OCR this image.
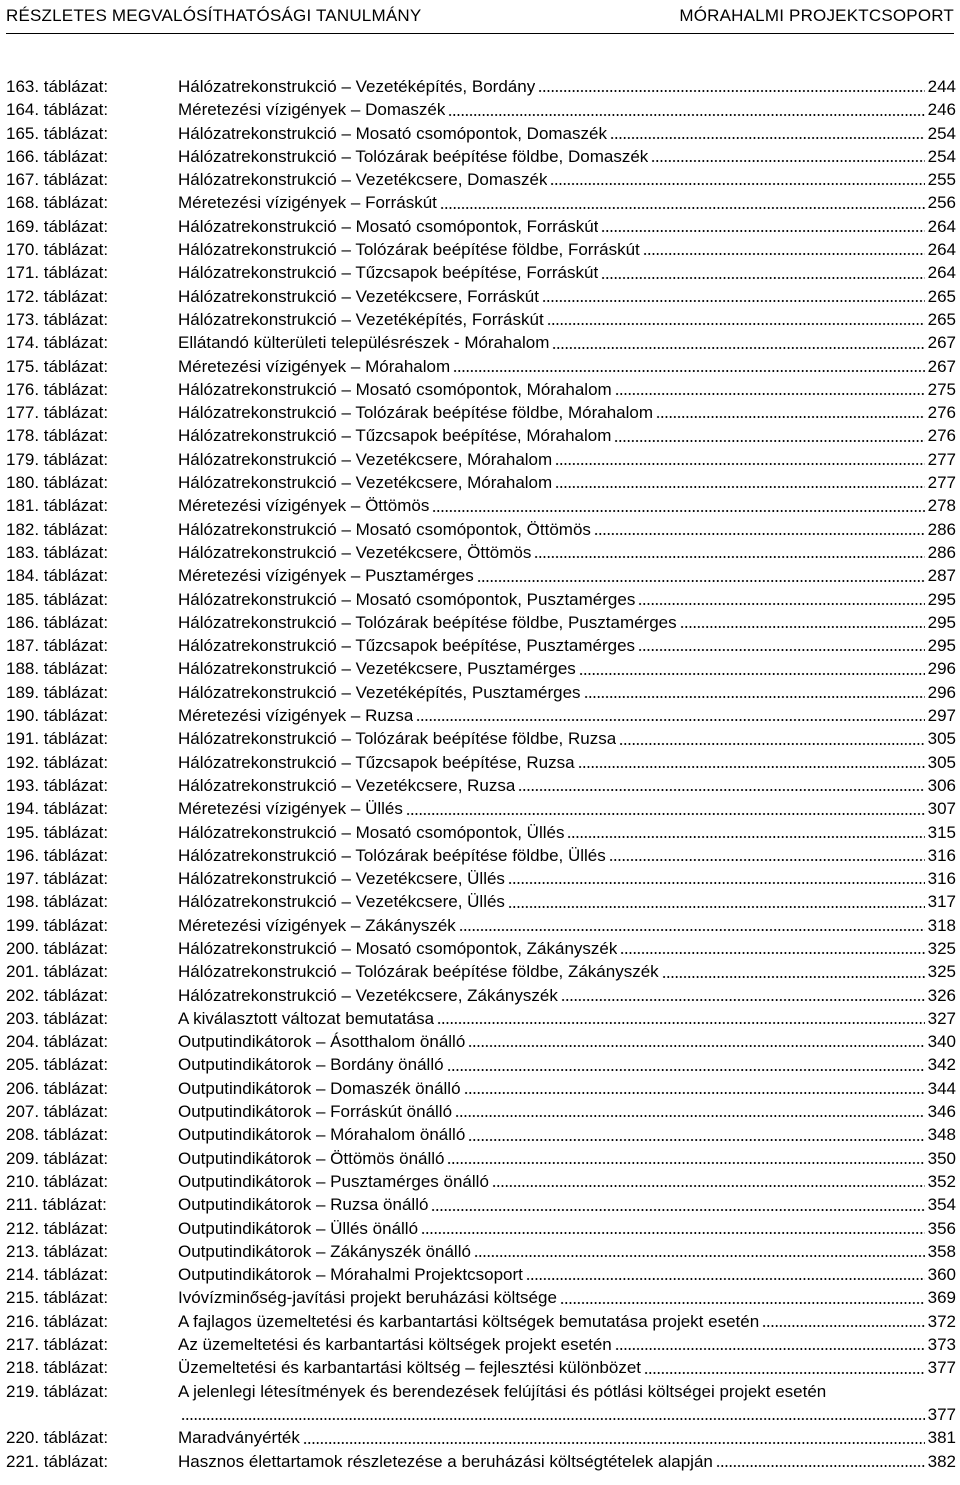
RÉSZLETES MEGVALÓSÍTHATÓSÁGI TANULMÁNY	MÓRAHALMI PROJEKTCSOPORT
163. táblázat:	Hálózatrekonstrukció – Vezetéképítés, Bordány	244
164. táblázat:	Méretezési vízigények – Domaszék	246
165. táblázat:	Hálózatrekonstrukció – Mosató csomópontok, Domaszék	254
166. táblázat:	Hálózatrekonstrukció – Tolózárak beépítése földbe, Domaszék	254
167. táblázat:	Hálózatrekonstrukció – Vezetékcsere, Domaszék	255
168. táblázat:	Méretezési vízigények – Forráskút	256
169. táblázat:	Hálózatrekonstrukció – Mosató csomópontok, Forráskút	264
170. táblázat:	Hálózatrekonstrukció – Tolózárak beépítése földbe, Forráskút	264
171. táblázat:	Hálózatrekonstrukció – Tűzcsapok beépítése, Forráskút	264
172. táblázat:	Hálózatrekonstrukció – Vezetékcsere, Forráskút	265
173. táblázat:	Hálózatrekonstrukció – Vezetéképítés, Forráskút	265
174. táblázat:	Ellátandó külterületi településrészek - Mórahalom	267
175. táblázat:	Méretezési vízigények – Mórahalom	267
176. táblázat:	Hálózatrekonstrukció – Mosató csomópontok, Mórahalom	275
177. táblázat:	Hálózatrekonstrukció – Tolózárak beépítése földbe, Mórahalom	276
178. táblázat:	Hálózatrekonstrukció – Tűzcsapok beépítése, Mórahalom	276
179. táblázat:	Hálózatrekonstrukció – Vezetékcsere, Mórahalom	277
180. táblázat:	Hálózatrekonstrukció – Vezetékcsere, Mórahalom	277
181. táblázat:	Méretezési vízigények – Öttömös	278
182. táblázat:	Hálózatrekonstrukció – Mosató csomópontok, Öttömös	286
183. táblázat:	Hálózatrekonstrukció – Vezetékcsere, Öttömös	286
184. táblázat:	Méretezési vízigények – Pusztamérges	287
185. táblázat:	Hálózatrekonstrukció – Mosató csomópontok, Pusztamérges	295
186. táblázat:	Hálózatrekonstrukció – Tolózárak beépítése földbe, Pusztamérges	295
187. táblázat:	Hálózatrekonstrukció – Tűzcsapok beépítése, Pusztamérges	295
188. táblázat:	Hálózatrekonstrukció – Vezetékcsere, Pusztamérges	296
189. táblázat:	Hálózatrekonstrukció – Vezetéképítés, Pusztamérges	296
190. táblázat:	Méretezési vízigények – Ruzsa	297
191. táblázat:	Hálózatrekonstrukció – Tolózárak beépítése földbe, Ruzsa	305
192. táblázat:	Hálózatrekonstrukció – Tűzcsapok beépítése, Ruzsa	305
193. táblázat:	Hálózatrekonstrukció – Vezetékcsere, Ruzsa	306
194. táblázat:	Méretezési vízigények – Üllés	307
195. táblázat:	Hálózatrekonstrukció – Mosató csomópontok, Üllés	315
196. táblázat:	Hálózatrekonstrukció – Tolózárak beépítése földbe, Üllés	316
197. táblázat:	Hálózatrekonstrukció – Vezetékcsere, Üllés	316
198. táblázat:	Hálózatrekonstrukció – Vezetékcsere, Üllés	317
199. táblázat:	Méretezési vízigények – Zákányszék	318
200. táblázat:	Hálózatrekonstrukció – Mosató csomópontok, Zákányszék	325
201. táblázat:	Hálózatrekonstrukció – Tolózárak beépítése földbe, Zákányszék	325
202. táblázat:	Hálózatrekonstrukció – Vezetékcsere, Zákányszék	326
203. táblázat:	A kiválasztott változat bemutatása	327
204. táblázat:	Outputindikátorok – Ásotthalom önálló	340
205. táblázat:	Outputindikátorok – Bordány önálló	342
206. táblázat:	Outputindikátorok – Domaszék önálló	344
207. táblázat:	Outputindikátorok – Forráskút önálló	346
208. táblázat:	Outputindikátorok – Mórahalom önálló	348
209. táblázat:	Outputindikátorok – Öttömös önálló	350
210. táblázat:	Outputindikátorok – Pusztamérges önálló	352
211. táblázat:	Outputindikátorok – Ruzsa önálló	354
212. táblázat:	Outputindikátorok – Üllés önálló	356
213. táblázat:	Outputindikátorok – Zákányszék önálló	358
214. táblázat:	Outputindikátorok – Mórahalmi Projektcsoport	360
215. táblázat:	Ivóvízminőség-javítási projekt beruházási költsége	369
216. táblázat:	A fajlagos üzemeltetési és karbantartási költségek bemutatása projekt esetén	372
217. táblázat:	Az üzemeltetési és karbantartási költségek projekt esetén	373
218. táblázat:	Üzemeltetési és karbantartási költség – fejlesztési különbözet	377
219. táblázat:	A jelenlegi létesítmények és berendezések felújítási és pótlási költségei projekt esetén
377
220. táblázat:	Maradványérték	381
221. táblázat:	Hasznos élettartamok részletezése a beruházási költségtételek alapján	382
